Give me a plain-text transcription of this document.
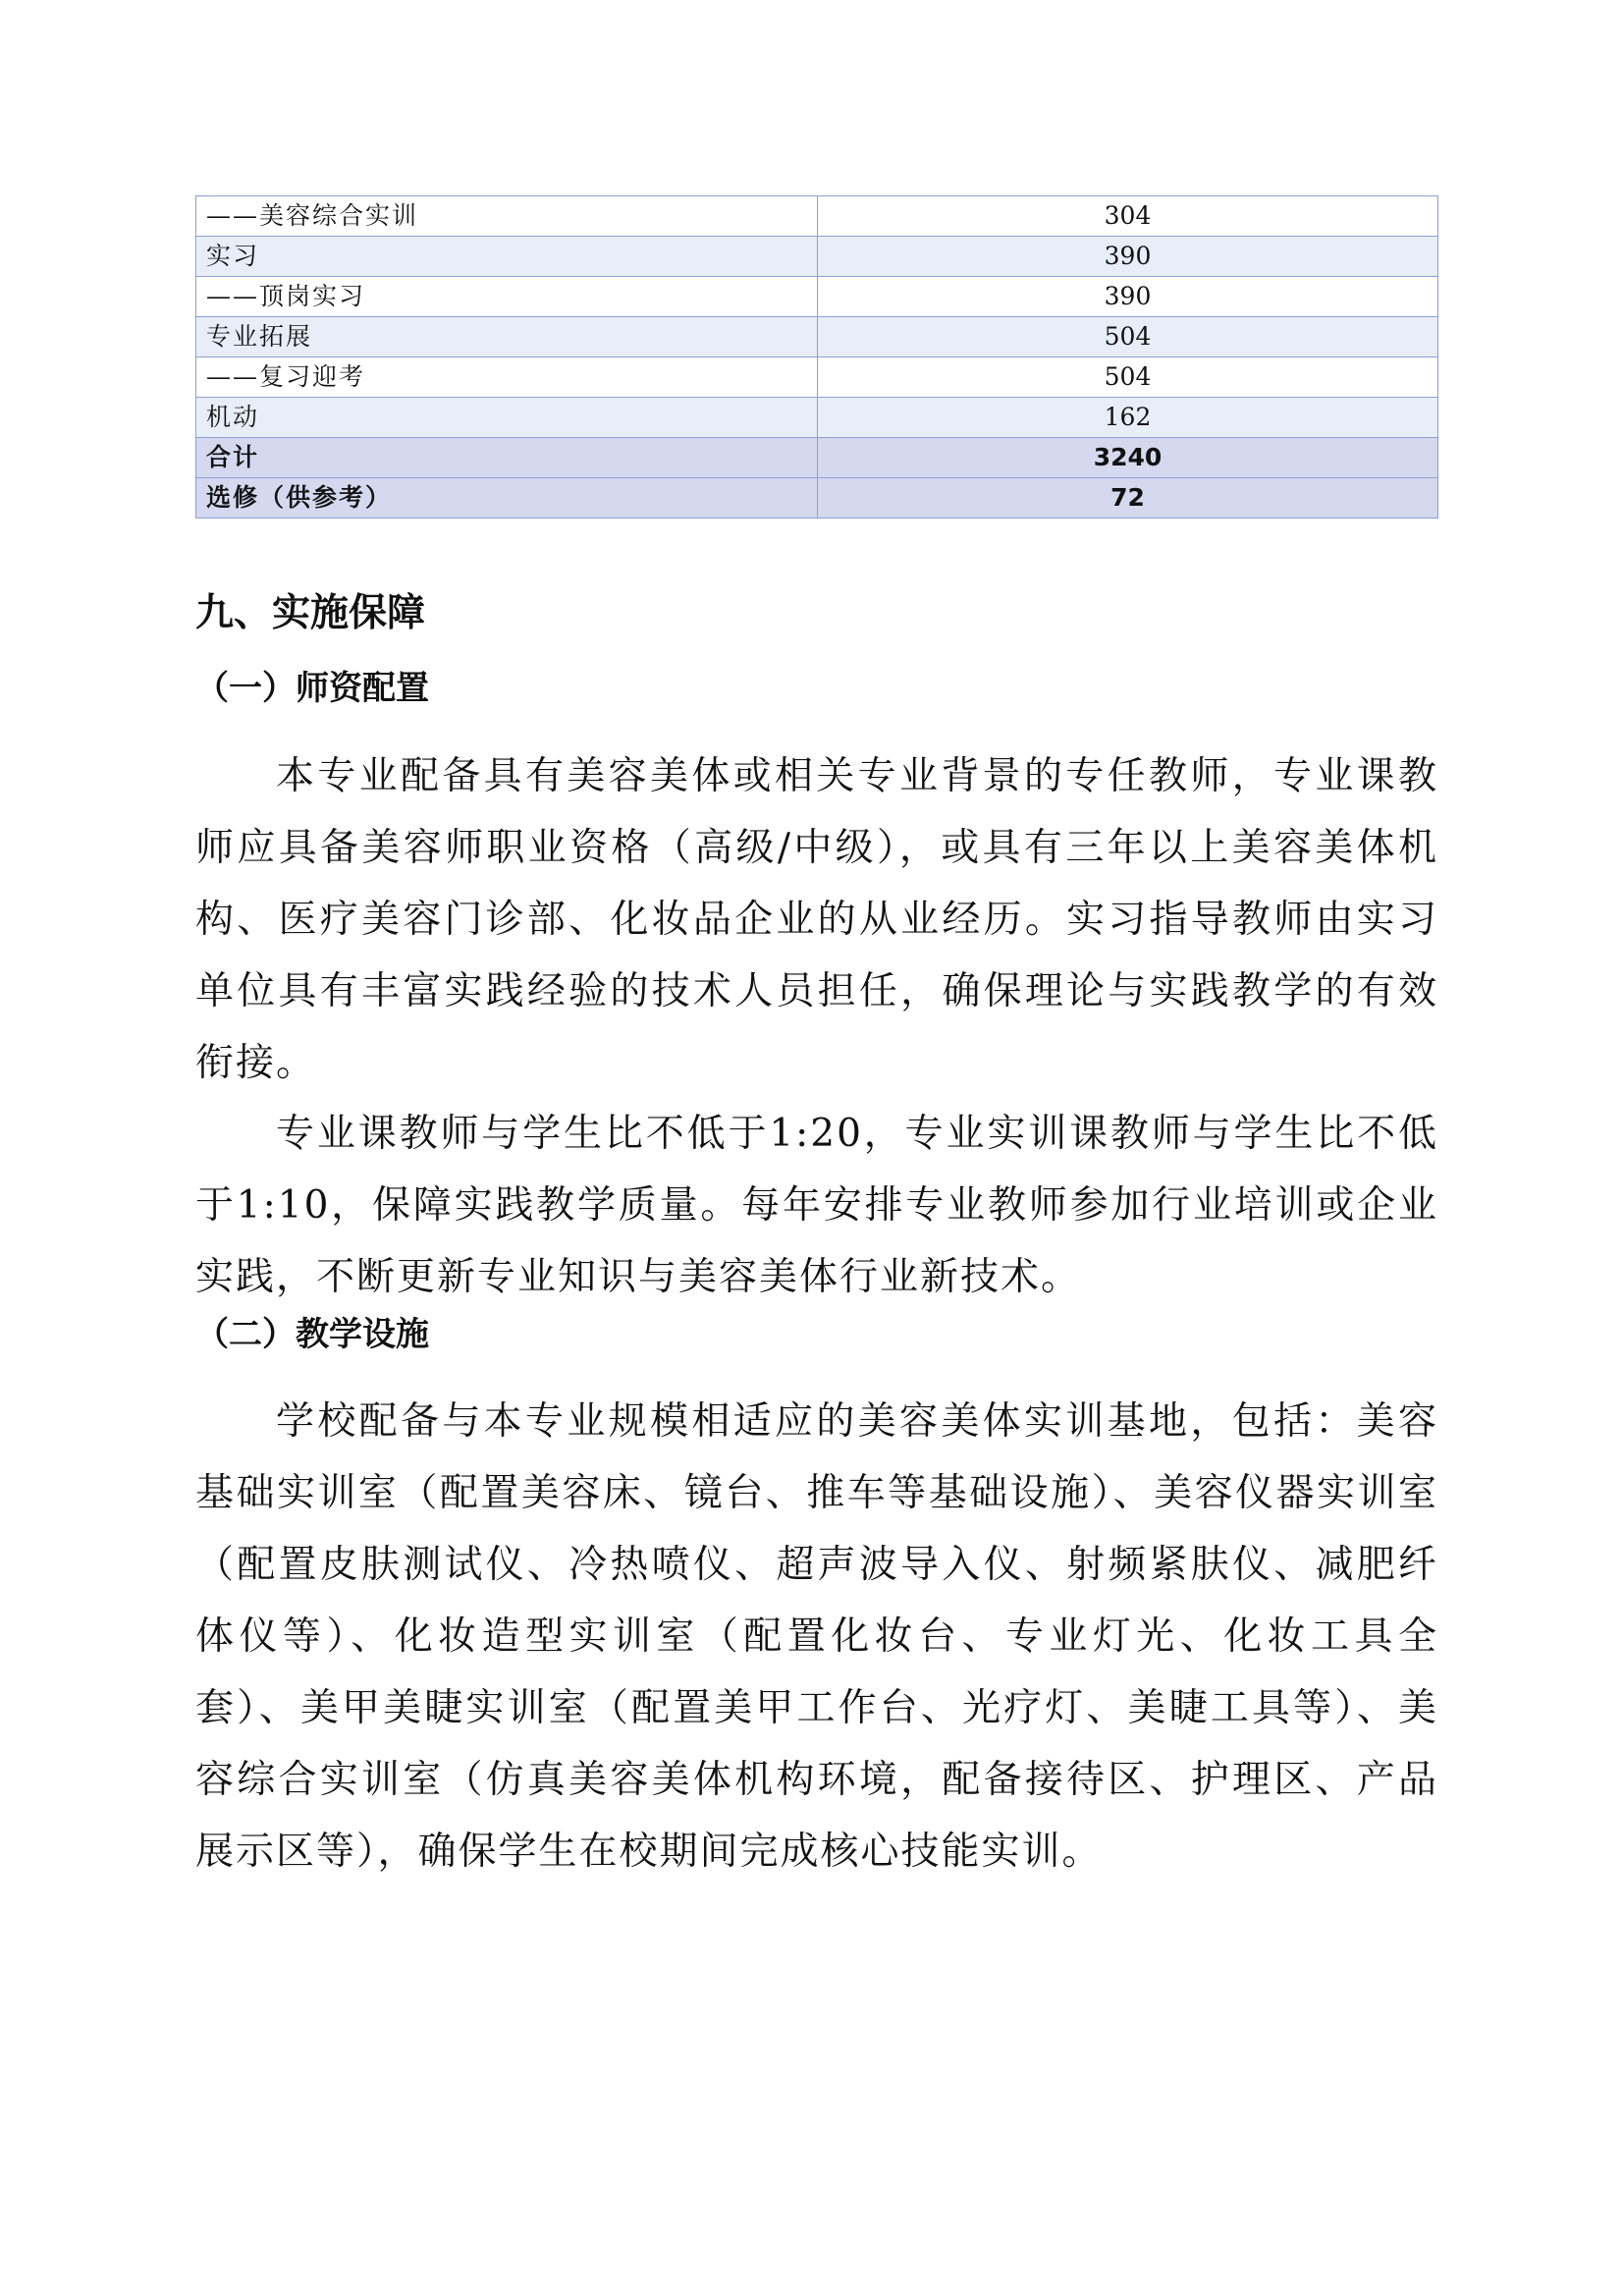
——美容综合实训	304
实习	390
——顶岗实习	390
专业拓展	504
——复习迎考	504
机动	162
合计	3240
选修（供参考）	72
九、实施保障
（一）师资配置

本专业配备具有美容美体或相关专业背景的专任教师，专业课教师应具备美容师职业资格（高级/中级），或具有三年以上美容美体机构、医疗美容门诊部、化妆品企业的从业经历。实习指导教师由实习单位具有丰富实践经验的技术人员担任，确保理论与实践教学的有效衔接。

专业课教师与学生比不低于1:20，专业实训课教师与学生比不低于1:10，保障实践教学质量。每年安排专业教师参加行业培训或企业实践，不断更新专业知识与美容美体行业新技术。

（二）教学设施

学校配备与本专业规模相适应的美容美体实训基地，包括：美容基础实训室（配置美容床、镜台、推车等基础设施）、美容仪器实训室（配置皮肤测试仪、冷热喷仪、超声波导入仪、射频紧肤仪、减肥纤体仪等）、化妆造型实训室（配置化妆台、专业灯光、化妆工具全套）、美甲美睫实训室（配置美甲工作台、光疗灯、美睫工具等）、美容综合实训室（仿真美容美体机构环境，配备接待区、护理区、产品展示区等），确保学生在校期间完成核心技能实训。
